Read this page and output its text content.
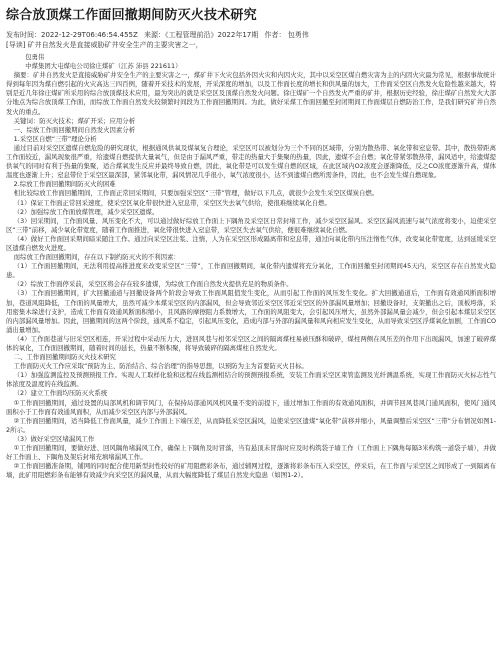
综合放顶煤工作面回撤期间防灭火技术研究
发布时间：2022-12-29T06:46:54.455Z 来源：《工程管理前沿》2022年17期 作者： 包勇伟
[导读] 矿井自然发火是直接威胁矿井安全生产的主要灾害之一，

包勇伟

中煤集团大屯煤电公司徐庄煤矿（江苏 沛县 221611）

摘要：矿井自然发火是直接威胁矿井安全生产的主要灾害之一，煤矿井下火灾包括外因火灾和内因火灾，其中以采空区煤自燃灾害为主的内因火灾最为常见，根据事故统计得到每年因为煤自燃引起的火灾高达三四百例，随着开采技术的发展，开采深度的增加，以及工作面长度的增长和供风量的加大，工作面采空区自然发火危险性越来越大，特别是近几年徐庄煤矿所采用的综合放顶煤技术应用，最为突出的就是采空区及顶煤自然发火问题。徐庄煤矿一个自然发火严重的矿井，根据历史经验，徐庄煤矿自然发火大部分地点为综合放顶煤工作面，而综放工作面自然发火较频繁时间段为工作面回撤期间。为此，做好采煤工作面回撤至封闭期间工作面煤层自燃防治工作，是我们研究矿井自然发火的重点。

关键词：防灭火技术；煤矿开采；应用分析

一、综放工作面回撤期间自然发火因素分析

1.采空区自燃“三带”理论分析

通过目前对采空区遗煤自燃危险的研究现状，根据通风供氧及煤氧复合理论，采空区可以被划分为三个不同的区域带，分别为散热带、氧化带和窒息带。其中，散热带距离工作面较近，漏风现象很严重，给遗煤自燃提供大量氧气，但是由于漏风严重，带走的热量大于集聚的热量，因此，遗煤不会自燃；氧化带紧邻散热带，漏风适中，给遗煤提供氧气的同时有利于热量的集聚，适合煤氧发生反应并最终导致自燃，因此，氧化带是可以发生煤自燃的区域，在此区域内O2浓度会逐渐降低，反之CO浓度逐渐升高，煤体温度也逐渐上升；窒息带位于采空区最深部，紧邻氧化带，漏风情况几乎很小，氧气浓度很小，达不到遗煤自燃所需条件，因此，也不会发生煤自燃现象。

2.综放工作面回撤期间防灭火的困难

相比较综放工作面回撤期间，工作面正常回采期间，只要加强采空区“三带”管理，做好以下几点，就很少会发生采空区煤炭自燃。

（1）保证工作面正常回采速度，使采空区氧化带很快进入窒息带，采空区失去氧气供给，使很难继续氧化自燃。

（2）加强综放工作面放煤管理，减少采空区遗煤。

（3）回采期间，工作面风量、风压变化不大，可以通过做好综放工作面上下隅角及采空区日常封堵工作，减少采空区漏风。采空区漏风流速与氧气浓度将变小，迫使采空区“三带”前移，减少氧化带宽度，随着工作面推进，氧化带很快进入窒息带，采空区失去氧气供给，便很难继续氧化自燃。

（4）做好工作面回采期间暗采随注工作。通过向采空区注浆、注惰，人为在采空区形成隔离带和窒息带，通过向氧化带内压注惰性气体，改变氧化带宽度，达到延缓采空区遗煤自燃发火进度。

而综放工作面回撤期间，存在以下制约防灭火的不利因素：

（1）工作面回撤期间，无法利用提高推进度来改变采空区“三带”，工作面回撤期间，氧化带内遗煤将充分氧化，工作面回撤至封闭期间45天内，采空区存在自然发火隐患。

（2）综放工作面停采前，采空区将会存在较多遗煤，为综放工作面自然发火提供充足的物质条件。

（3）工作面回撤期间，扩大回撤通道与回撤设备两个阶段会导致工作面风阻值发生变化，从而引起工作面的风压发生变化。扩大回撤通道后，工作面有效通风断面积增加，巷道风阻降低，工作面的风量增大，虽然可减少本煤采空区的内部漏风，但会导致邻近采空区邻近采空区的外部漏风量增加；回撤设备时，支架撤出之后，顶板垮落，采用密集木垛进行支护，造成工作面有效通风断面积缩小，且风路的摩擦阻力系数增大，工作面的风阻变大，会引起风压增大，虽然外部漏风量会减少，但会引起本煤层采空区的内部漏风量增加。因此，回撤期间的这两个阶段，通风系不稳定，引起风压变化，造成内部与外部的漏风量和风向相应发生变化，从而导致采空区浮煤氧化加剧，工作面CO涌出量增加。

（4）工作面巷道与旧采空区相连，开采过程中采动压力大，进回风巷与相邻采空区之间的隔离煤柱易被压酥和破碎，煤柱两侧在风压差的作用下出现漏风，加速了破碎煤体的氧化，工作面回撤期间，随着时间的延长，热量不断积聚，将导致破碎的隔离煤柱自然发火。

二、工作面回撤期间防灭火技术研究

工作面防灭火工作应采取“预防为主、防治结合、综合治理”的指导思想，以预防为主为首要防灭火目标。

（1）加强监测监控及预测预报工作。实现人工取样化验和远程在线监测相结合的预测预报系统，安装工作面采空区束管监测及光纤测温系统，实现工作面防灭火标志性气体浓度及温度的在线监测。

（2）建立工作面均压防灭火系统

①工作面回撤期间，通过设置的局部风机和调节风门，在保持局部通风风机风量不变的前提下，通过增加工作面的有效通风面积，并调节回风巷风门通风面积，使风门通风面积小于工作面有效通风面积，从而减少采空区内部与外部漏风。

②工作面回撤期间，适当降低工作面风量，减少工作面上下端压差，从而降低采空区漏风，迫使采空区遗煤“氧化带”前移并缩小，风量调整后采空区“三带”分布情况如图1-2所示。

（3）做好采空区堵漏风工作

①工作面回撤期间，要做好进、回风隅角堵漏风工作，确保上下隅角及时冒落，当有悬顶未冒落时应及时构筑袋子墙工作（工作面上下隅角每隔3米构筑一道袋子墙），并做好工作面上、下隅角及架后封堵充填堵漏风工作。

②工作面回撤准备期，铺网的同时配合使用新型封性较好的矿用阻燃彩条布，通过辅网过程，逐渐将彩条布压入采空区，停采后，在工作面与采空区之间形成了一到隔离布墙，此矿用阻燃彩条布能够有效减少向采空区的漏风量，从而大幅度降低了煤层自然发火隐患（如图1-2）。
